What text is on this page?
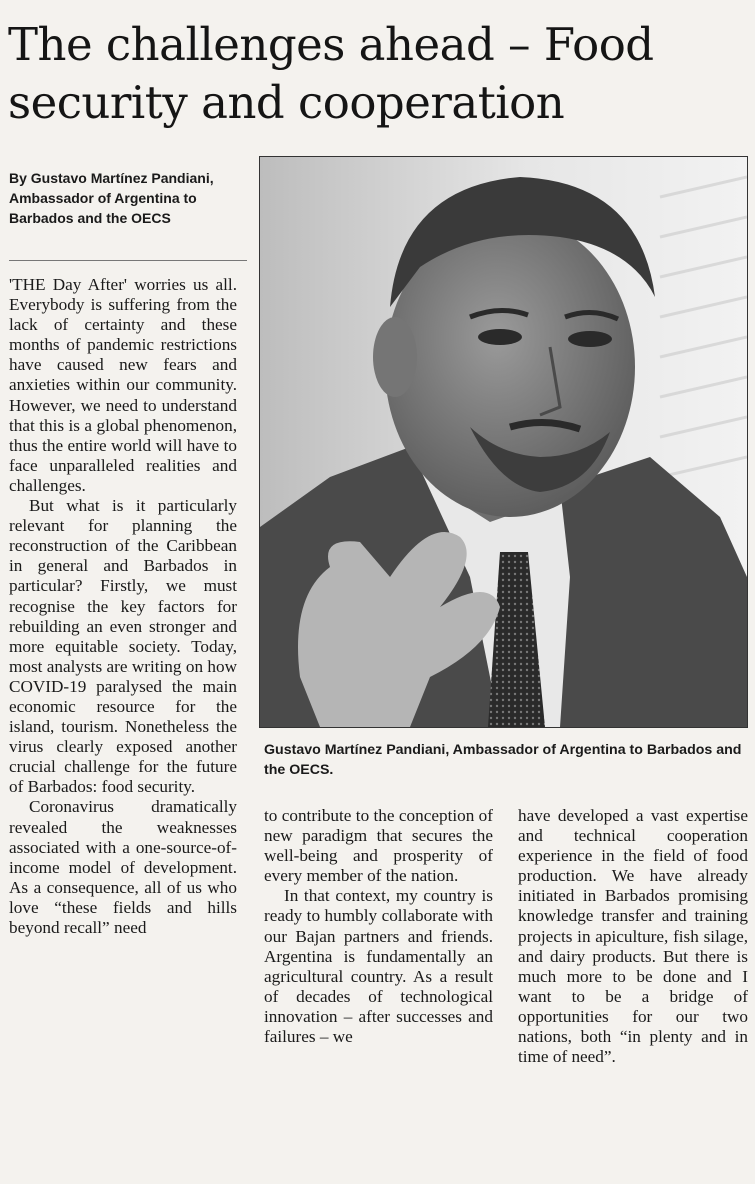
The challenges ahead – Food security and cooperation

By Gustavo Martínez Pandiani, Ambassador of Argentina to Barbados and the OECS

'THE Day After' worries us all. Everybody is suffering from the lack of certainty and these months of pandemic restrictions have caused new fears and anxieties within our community. However, we need to understand that this is a global phenomenon, thus the entire world will have to face unparalleled realities and challenges.

But what is it particularly relevant for planning the reconstruction of the Caribbean in general and Barbados in particular? Firstly, we must recognise the key factors for rebuilding an even stronger and more equitable society. Today, most analysts are writing on how COVID-19 paralysed the main economic resource for the island, tourism. Nonetheless the virus clearly exposed another crucial challenge for the future of Barbados: food security.

Coronavirus dramatically revealed the weaknesses associated with a one-source-of-income model of development. As a consequence, all of us who love “these fields and hills beyond recall” need

Gustavo Martínez Pandiani, Ambassador of Argentina to Barbados and the OECS.

to contribute to the conception of new paradigm that secures the well-being and prosperity of every member of the nation.

In that context, my country is ready to humbly collaborate with our Bajan partners and friends. Argentina is fundamentally an agricultural country. As a result of decades of technological innovation – after successes and failures – we

have developed a vast expertise and technical cooperation experience in the field of food production. We have already initiated in Barbados promising knowledge transfer and training projects in apiculture, fish silage, and dairy products. But there is much more to be done and I want to be a bridge of opportunities for our two nations, both “in plenty and in time of need”.
